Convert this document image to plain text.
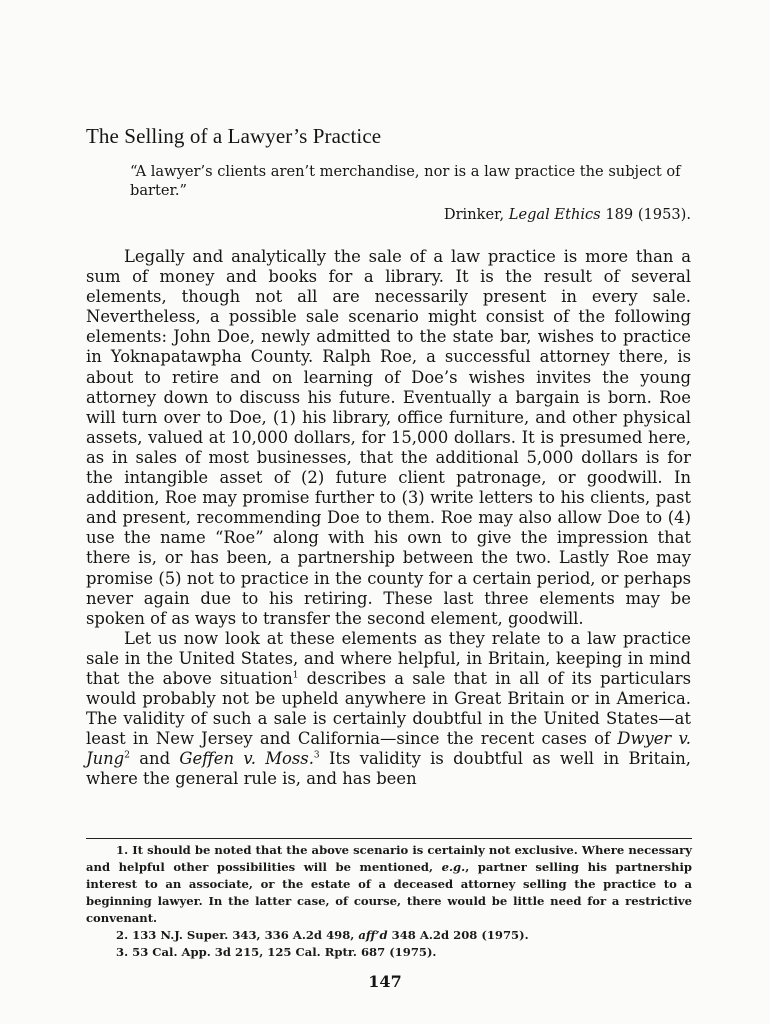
The Selling of a Lawyer’s Practice

“A lawyer’s clients aren’t merchandise, nor is a law practice the subject of barter.”

Drinker, Legal Ethics 189 (1953).

Legally and analytically the sale of a law practice is more than a sum of money and books for a library. It is the result of several elements, though not all are necessarily present in every sale. Nevertheless, a possible sale scenario might consist of the following elements: John Doe, newly admitted to the state bar, wishes to practice in Yoknapatawpha County. Ralph Roe, a successful attorney there, is about to retire and on learning of Doe’s wishes invites the young attorney down to discuss his future. Eventually a bargain is born. Roe will turn over to Doe, (1) his library, office furniture, and other physical assets, valued at 10,000 dollars, for 15,000 dollars. It is presumed here, as in sales of most businesses, that the additional 5,000 dollars is for the intangible asset of (2) future client patronage, or goodwill. In addition, Roe may promise further to (3) write letters to his clients, past and present, recommending Doe to them. Roe may also allow Doe to (4) use the name “Roe” along with his own to give the impression that there is, or has been, a partnership between the two. Lastly Roe may promise (5) not to practice in the county for a certain period, or perhaps never again due to his retiring. These last three elements may be spoken of as ways to transfer the second element, goodwill.

Let us now look at these elements as they relate to a law practice sale in the United States, and where helpful, in Britain, keeping in mind that the above situation$^1$ describes a sale that in all of its particulars would probably not be upheld anywhere in Great Britain or in America. The validity of such a sale is certainly doubtful in the United States—at least in New Jersey and California—since the recent cases of Dwyer v. Jung$^2$ and Geffen v. Moss.$^3$ Its validity is doubtful as well in Britain, where the general rule is, and has been

1. It should be noted that the above scenario is certainly not exclusive. Where necessary and helpful other possibilities will be mentioned, e.g., partner selling his partnership interest to an associate, or the estate of a deceased attorney selling the practice to a beginning lawyer. In the latter case, of course, there would be little need for a restrictive convenant.

2. 133 N.J. Super. 343, 336 A.2d 498, aff’d 348 A.2d 208 (1975).

3. 53 Cal. App. 3d 215, 125 Cal. Rptr. 687 (1975).

147
